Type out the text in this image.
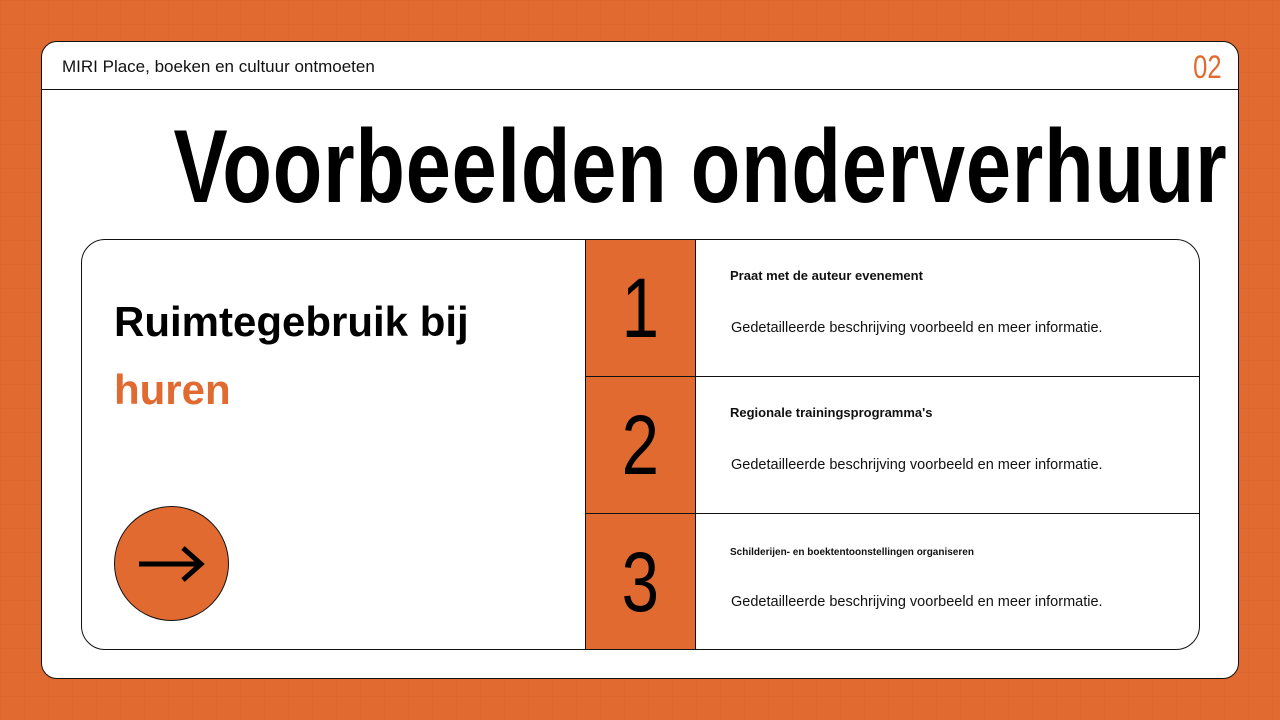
MIRI Place, boeken en cultuur ontmoeten	02
Voorbeelden onderverhuur
Ruimtegebruik bij
huren
1	Praat met de auteur evenement
Gedetailleerde beschrijving voorbeeld en meer informatie.
2	Regionale trainingsprogramma's
Gedetailleerde beschrijving voorbeeld en meer informatie.
3	Schilderijen- en boektentoonstellingen organiseren
Gedetailleerde beschrijving voorbeeld en meer informatie.
